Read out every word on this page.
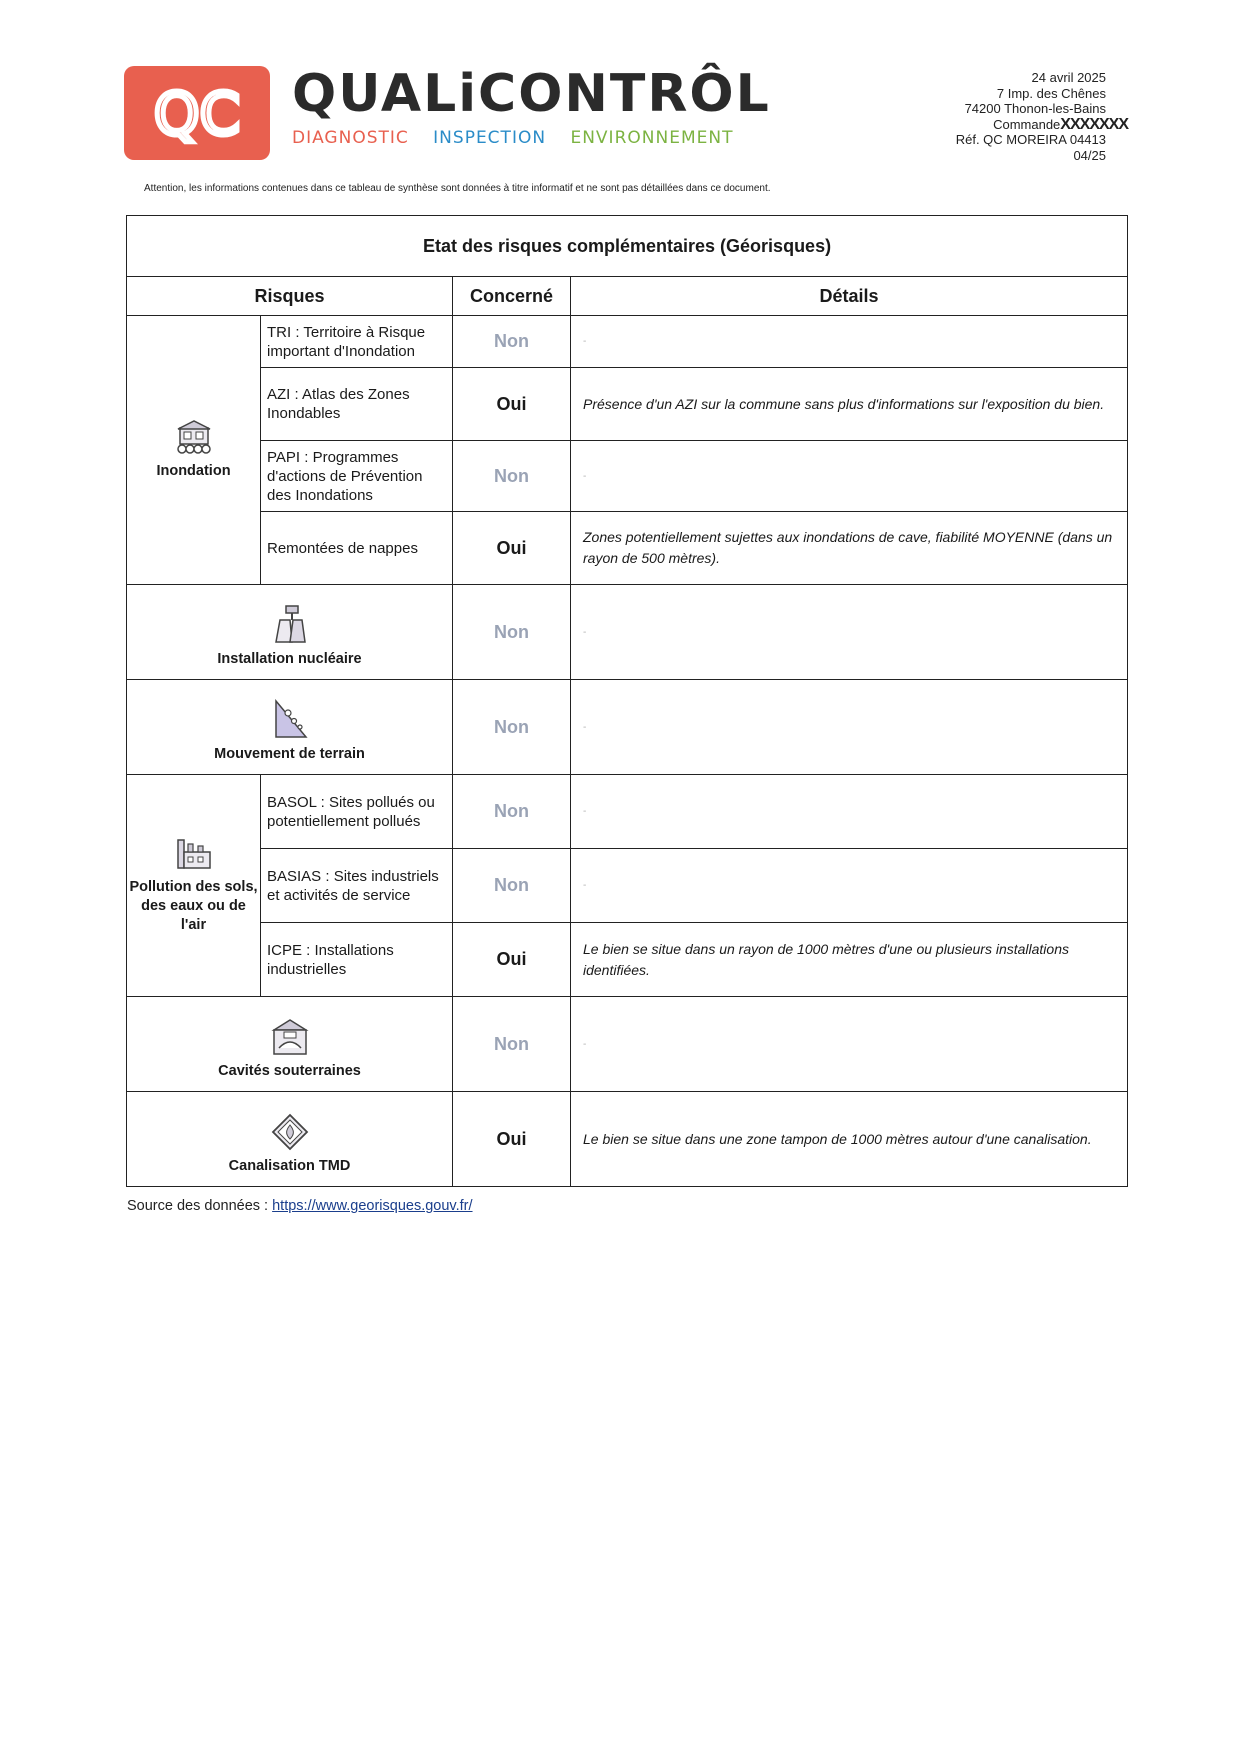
QC QUALiCONTRÔL
DIAGNOSTIC INSPECTION ENVIRONNEMENT
24 avril 2025
7 Imp. des Chênes
74200 Thonon-les-Bains
CommandeXXXXXXX
Réf. QC MOREIRA 04413
04/25
Attention, les informations contenues dans ce tableau de synthèse sont données à titre informatif et ne sont pas détaillées dans ce document.
Etat des risques complémentaires (Géorisques)			
Risques		Concerné	Détails

Inondation	TRI : Territoire à Risque important d'Inondation	Non	-
	AZI : Atlas des Zones Inondables	Oui	Présence d'un AZI sur la commune sans plus d'informations sur l'exposition du bien.
	PAPI : Programmes d'actions de Prévention des Inondations	Non	-
	Remontées de nappes	Oui	Zones potentiellement sujettes aux inondations de cave, fiabilité MOYENNE (dans un rayon de 500 mètres).

Installation nucléaire		Non	-

Mouvement de terrain		Non	-

Pollution des sols, des eaux ou de l'air	BASOL : Sites pollués ou potentiellement pollués	Non	-
	BASIAS : Sites industriels et activités de service	Non	-
	ICPE : Installations industrielles	Oui	Le bien se situe dans un rayon de 1000 mètres d'une ou plusieurs installations identifiées.

Cavités souterraines		Non	-

Canalisation TMD		Oui	Le bien se situe dans une zone tampon de 1000 mètres autour d'une canalisation.
Source des données : https://www.georisques.gouv.fr/
